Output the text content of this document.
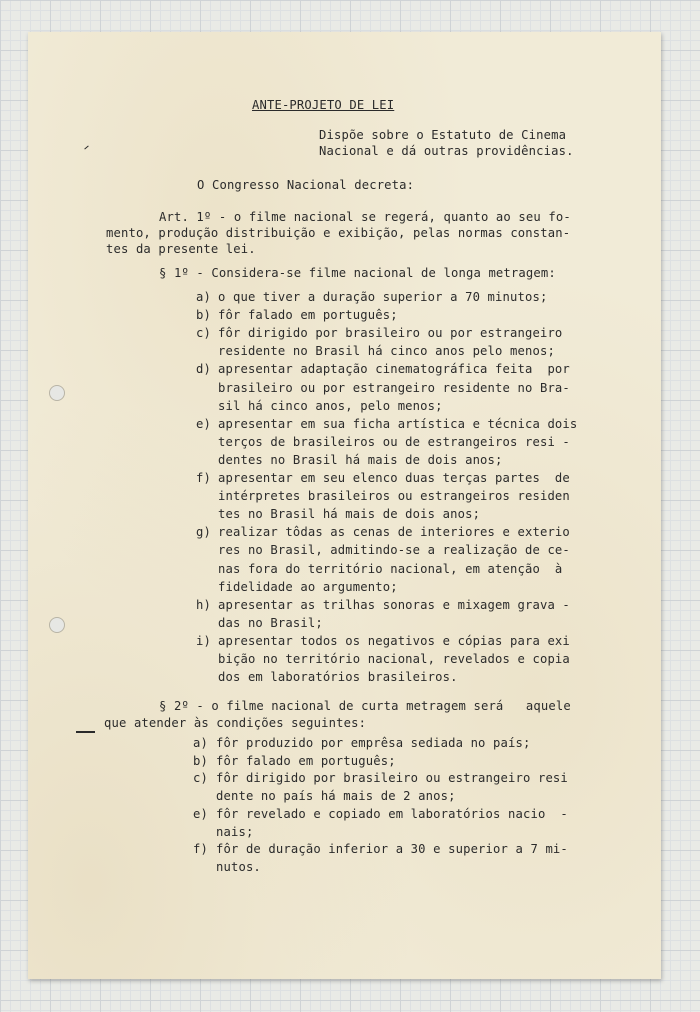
ANTE-PROJETO DE LEI
Dispõe sobre o Estatuto de Cinema
Nacional e dá outras providências.
O Congresso Nacional decreta:
Art. 1º - o filme nacional se regerá, quanto ao seu fo-
mento, produção distribuição e exibição, pelas normas constan-
tes da presente lei.
§ 1º - Considera-se filme nacional de longa metragem:
a) o que tiver a duração superior a 70 minutos;
b) fôr falado em português;
c) fôr dirigido por brasileiro ou por estrangeiro
residente no Brasil há cinco anos pelo menos;
d) apresentar adaptação cinematográfica feita  por
brasileiro ou por estrangeiro residente no Bra-
sil há cinco anos, pelo menos;
e) apresentar em sua ficha artística e técnica dois
terços de brasileiros ou de estrangeiros resi -
dentes no Brasil há mais de dois anos;
f) apresentar em seu elenco duas terças partes  de
intérpretes brasileiros ou estrangeiros residen
tes no Brasil há mais de dois anos;
g) realizar tôdas as cenas de interiores e exterio
res no Brasil, admitindo-se a realização de ce-
nas fora do território nacional, em atenção  à
fidelidade ao argumento;
h) apresentar as trilhas sonoras e mixagem grava -
das no Brasil;
i) apresentar todos os negativos e cópias para exi
bição no território nacional, revelados e copia
dos em laboratórios brasileiros.
§ 2º - o filme nacional de curta metragem será   aquele
que atender às condições seguintes:
a) fôr produzido por emprêsa sediada no país;
b) fôr falado em português;
c) fôr dirigido por brasileiro ou estrangeiro resi
dente no país há mais de 2 anos;
e) fôr revelado e copiado em laboratórios nacio  -
nais;
f) fôr de duração inferior a 30 e superior a 7 mi-
nutos.
